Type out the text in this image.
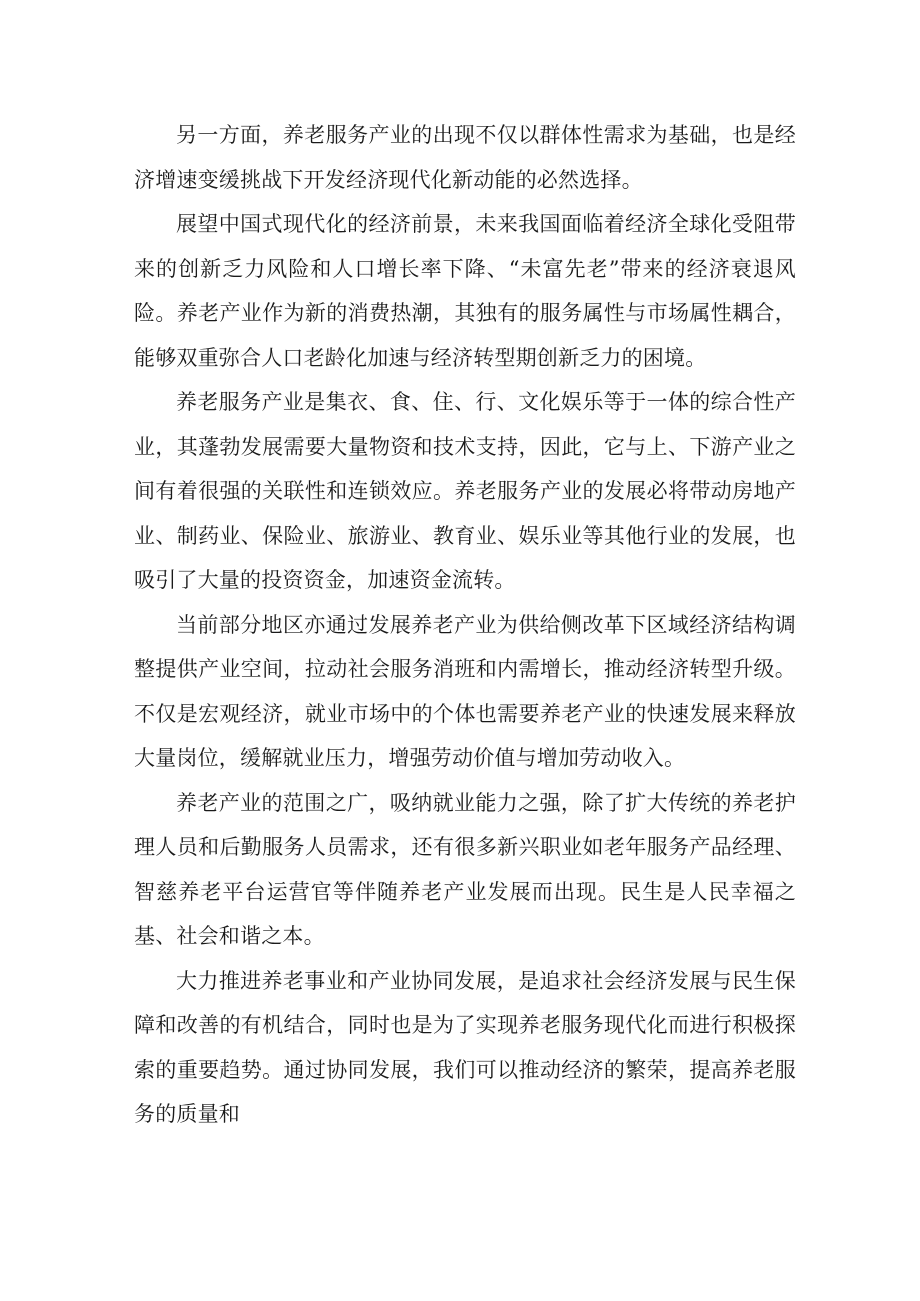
另一方面，养老服务产业的出现不仅以群体性需求为基础，也是经济增速变缓挑战下开发经济现代化新动能的必然选择。

展望中国式现代化的经济前景，未来我国面临着经济全球化受阻带来的创新乏力风险和人口增长率下降、“未富先老”带来的经济衰退风险。养老产业作为新的消费热潮，其独有的服务属性与市场属性耦合，能够双重弥合人口老龄化加速与经济转型期创新乏力的困境。

养老服务产业是集衣、食、住、行、文化娱乐等于一体的综合性产业，其蓬勃发展需要大量物资和技术支持，因此，它与上、下游产业之间有着很强的关联性和连锁效应。养老服务产业的发展必将带动房地产业、制药业、保险业、旅游业、教育业、娱乐业等其他行业的发展，也吸引了大量的投资资金，加速资金流转。

当前部分地区亦通过发展养老产业为供给侧改革下区域经济结构调整提供产业空间，拉动社会服务消班和内需增长，推动经济转型升级。不仅是宏观经济，就业市场中的个体也需要养老产业的快速发展来释放大量岗位，缓解就业压力，增强劳动价值与增加劳动收入。

养老产业的范围之广，吸纳就业能力之强，除了扩大传统的养老护理人员和后勤服务人员需求，还有很多新兴职业如老年服务产品经理、智慈养老平台运营官等伴随养老产业发展而出现。民生是人民幸福之基、社会和谐之本。

大力推进养老事业和产业协同发展，是追求社会经济发展与民生保障和改善的有机结合，同时也是为了实现养老服务现代化而进行积极探索的重要趋势。通过协同发展，我们可以推动经济的繁荣，提高养老服务的质量和
